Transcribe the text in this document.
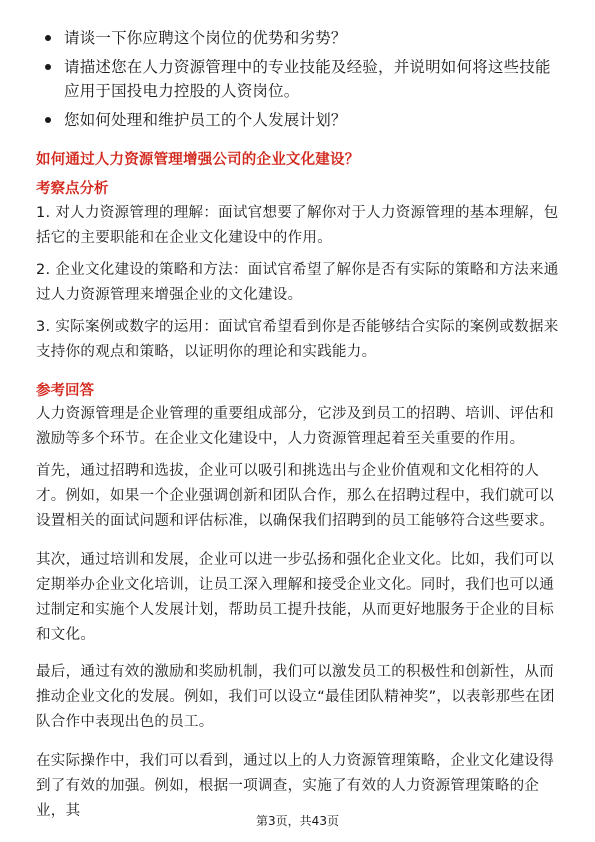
请谈一下你应聘这个岗位的优势和劣势？
请描述您在人力资源管理中的专业技能及经验，并说明如何将这些技能应用于国投电力控股的人资岗位。
您如何处理和维护员工的个人发展计划？
如何通过人力资源管理增强公司的企业文化建设？
考察点分析

1. 对人力资源管理的理解：面试官想要了解你对于人力资源管理的基本理解，包括它的主要职能和在企业文化建设中的作用。

2. 企业文化建设的策略和方法：面试官希望了解你是否有实际的策略和方法来通过人力资源管理来增强企业的文化建设。

3. 实际案例或数字的运用：面试官希望看到你是否能够结合实际的案例或数据来支持你的观点和策略，以证明你的理论和实践能力。

参考回答

人力资源管理是企业管理的重要组成部分，它涉及到员工的招聘、培训、评估和激励等多个环节。在企业文化建设中，人力资源管理起着至关重要的作用。

首先，通过招聘和选拔，企业可以吸引和挑选出与企业价值观和文化相符的人才。例如，如果一个企业强调创新和团队合作，那么在招聘过程中，我们就可以设置相关的面试问题和评估标准，以确保我们招聘到的员工能够符合这些要求。

其次，通过培训和发展，企业可以进一步弘扬和强化企业文化。比如，我们可以定期举办企业文化培训，让员工深入理解和接受企业文化。同时，我们也可以通过制定和实施个人发展计划，帮助员工提升技能，从而更好地服务于企业的目标和文化。

最后，通过有效的激励和奖励机制，我们可以激发员工的积极性和创新性，从而推动企业文化的发展。例如，我们可以设立“最佳团队精神奖”，以表彰那些在团队合作中表现出色的员工。

在实际操作中，我们可以看到，通过以上的人力资源管理策略，企业文化建设得到了有效的加强。例如，根据一项调查，实施了有效的人力资源管理策略的企业，其

第3页，共43页
